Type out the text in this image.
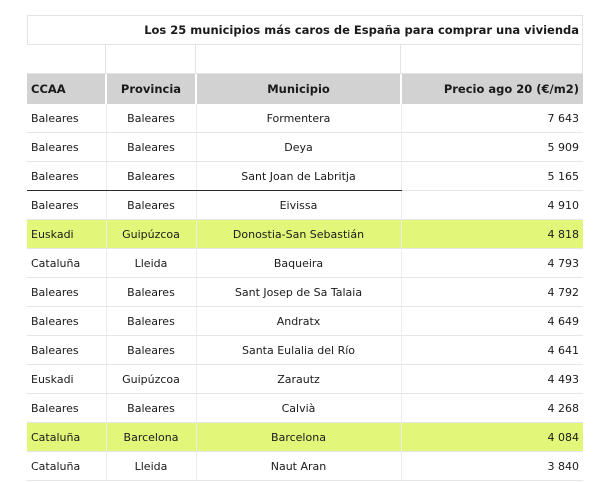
Los 25 municipios más caros de España para comprar una vivienda
CCAA	Provincia	Municipio	Precio ago 20 (€/m2)
Baleares	Baleares	Formentera	7 643
Baleares	Baleares	Deya	5 909
Baleares	Baleares	Sant Joan de Labritja	5 165
Baleares	Baleares	Eivissa	4 910
Euskadi	Guipúzcoa	Donostia-San Sebastián	4 818
Cataluña	Lleida	Baqueira	4 793
Baleares	Baleares	Sant Josep de Sa Talaia	4 792
Baleares	Baleares	Andratx	4 649
Baleares	Baleares	Santa Eulalia del Río	4 641
Euskadi	Guipúzcoa	Zarautz	4 493
Baleares	Baleares	Calvià	4 268
Cataluña	Barcelona	Barcelona	4 084
Cataluña	Lleida	Naut Aran	3 840
